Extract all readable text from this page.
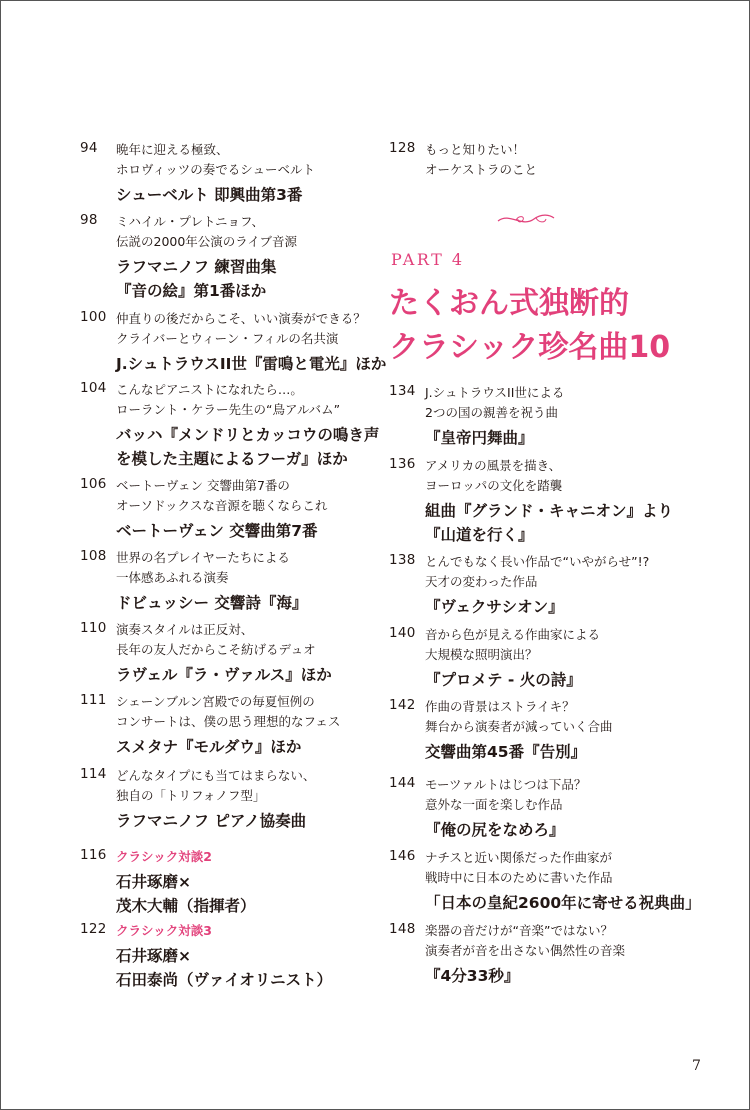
94 晩年に迎える極致、
ホロヴィッツの奏でるシューベルト
シューベルト 即興曲第3番
98 ミハイル・プレトニョフ、
伝説の2000年公演のライブ音源
ラフマニノフ 練習曲集
『音の絵』第1番ほか
100 仲直りの後だからこそ、いい演奏ができる？
クライバーとウィーン・フィルの名共演
J.シュトラウスII世『雷鳴と電光』ほか
104 こんなピアニストになれたら…。
ローラント・ケラー先生の“鳥アルバム”
バッハ『メンドリとカッコウの鳴き声
を模した主題によるフーガ』ほか
106 ベートーヴェン 交響曲第7番の
オーソドックスな音源を聴くならこれ
ベートーヴェン 交響曲第7番
108 世界の名プレイヤーたちによる
一体感あふれる演奏
ドビュッシー 交響詩『海』
110 演奏スタイルは正反対、
長年の友人だからこそ紡げるデュオ
ラヴェル『ラ・ヴァルス』ほか
111 シェーンブルン宮殿での毎夏恒例の
コンサートは、僕の思う理想的なフェス
スメタナ『モルダウ』ほか
114 どんなタイプにも当てはまらない、
独自の「トリフォノフ型」
ラフマニノフ ピアノ協奏曲
116 クラシック対談2
石井琢磨×
茂木大輔（指揮者）
122 クラシック対談3
石井琢磨×
石田泰尚（ヴァイオリニスト）
128 もっと知りたい！
オーケストラのこと
134 J.シュトラウスII世による
2つの国の親善を祝う曲
『皇帝円舞曲』
136 アメリカの風景を描き、
ヨーロッパの文化を踏襲
組曲『グランド・キャニオン』より
『山道を行く』
138 とんでもなく長い作品で“いやがらせ”!?
天才の変わった作品
『ヴェクサシオン』
140 音から色が見える作曲家による
大規模な照明演出？
『プロメテ - 火の詩』
142 作曲の背景はストライキ？
舞台から演奏者が減っていく合曲
交響曲第45番『告別』
144 モーツァルトはじつは下品？
意外な一面を楽しむ作品
『俺の尻をなめろ』
146 ナチスと近い関係だった作曲家が
戦時中に日本のために書いた作品
「日本の皇紀2600年に寄せる祝典曲」
148 楽器の音だけが“音楽”ではない？
演奏者が音を出さない偶然性の音楽
『4分33秒』
PART 4
たくおん式独断的
クラシック珍名曲10
7
